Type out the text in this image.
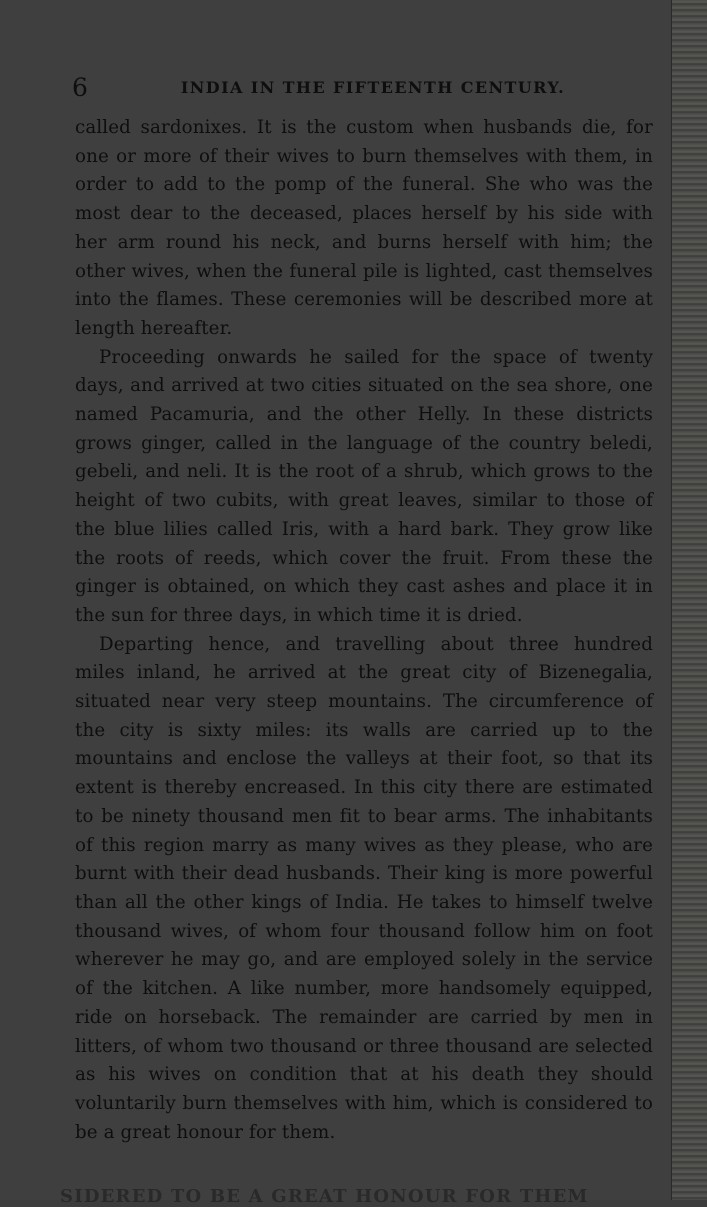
6	INDIA IN THE FIFTEENTH CENTURY.

called sardonixes. It is the custom when husbands die, for one or more of their wives to burn themselves with them, in order to add to the pomp of the funeral. She who was the most dear to the deceased, places herself by his side with her arm round his neck, and burns herself with him; the other wives, when the funeral pile is lighted, cast themselves into the flames. These ceremonies will be described more at length hereafter.

Proceeding onwards he sailed for the space of twenty days, and arrived at two cities situated on the sea shore, one named Pacamuria, and the other Helly. In these districts grows ginger, called in the language of the country beledi, gebeli, and neli. It is the root of a shrub, which grows to the height of two cubits, with great leaves, similar to those of the blue lilies called Iris, with a hard bark. They grow like the roots of reeds, which cover the fruit. From these the ginger is obtained, on which they cast ashes and place it in the sun for three days, in which time it is dried.

Departing hence, and travelling about three hundred miles inland, he arrived at the great city of Bizenegalia, situated near very steep mountains. The circumference of the city is sixty miles: its walls are carried up to the mountains and enclose the valleys at their foot, so that its extent is thereby encreased. In this city there are estimated to be ninety thousand men fit to bear arms. The inhabitants of this region marry as many wives as they please, who are burnt with their dead husbands. Their king is more powerful than all the other kings of India. He takes to himself twelve thousand wives, of whom four thousand follow him on foot wherever he may go, and are employed solely in the service of the kitchen. A like number, more handsomely equipped, ride on horseback. The remainder are carried by men in litters, of whom two thousand or three thousand are selected as his wives on condition that at his death they should voluntarily burn themselves with him, which is considered to be a great honour for them.

SIDERED TO BE A GREAT HONOUR FOR THEM
